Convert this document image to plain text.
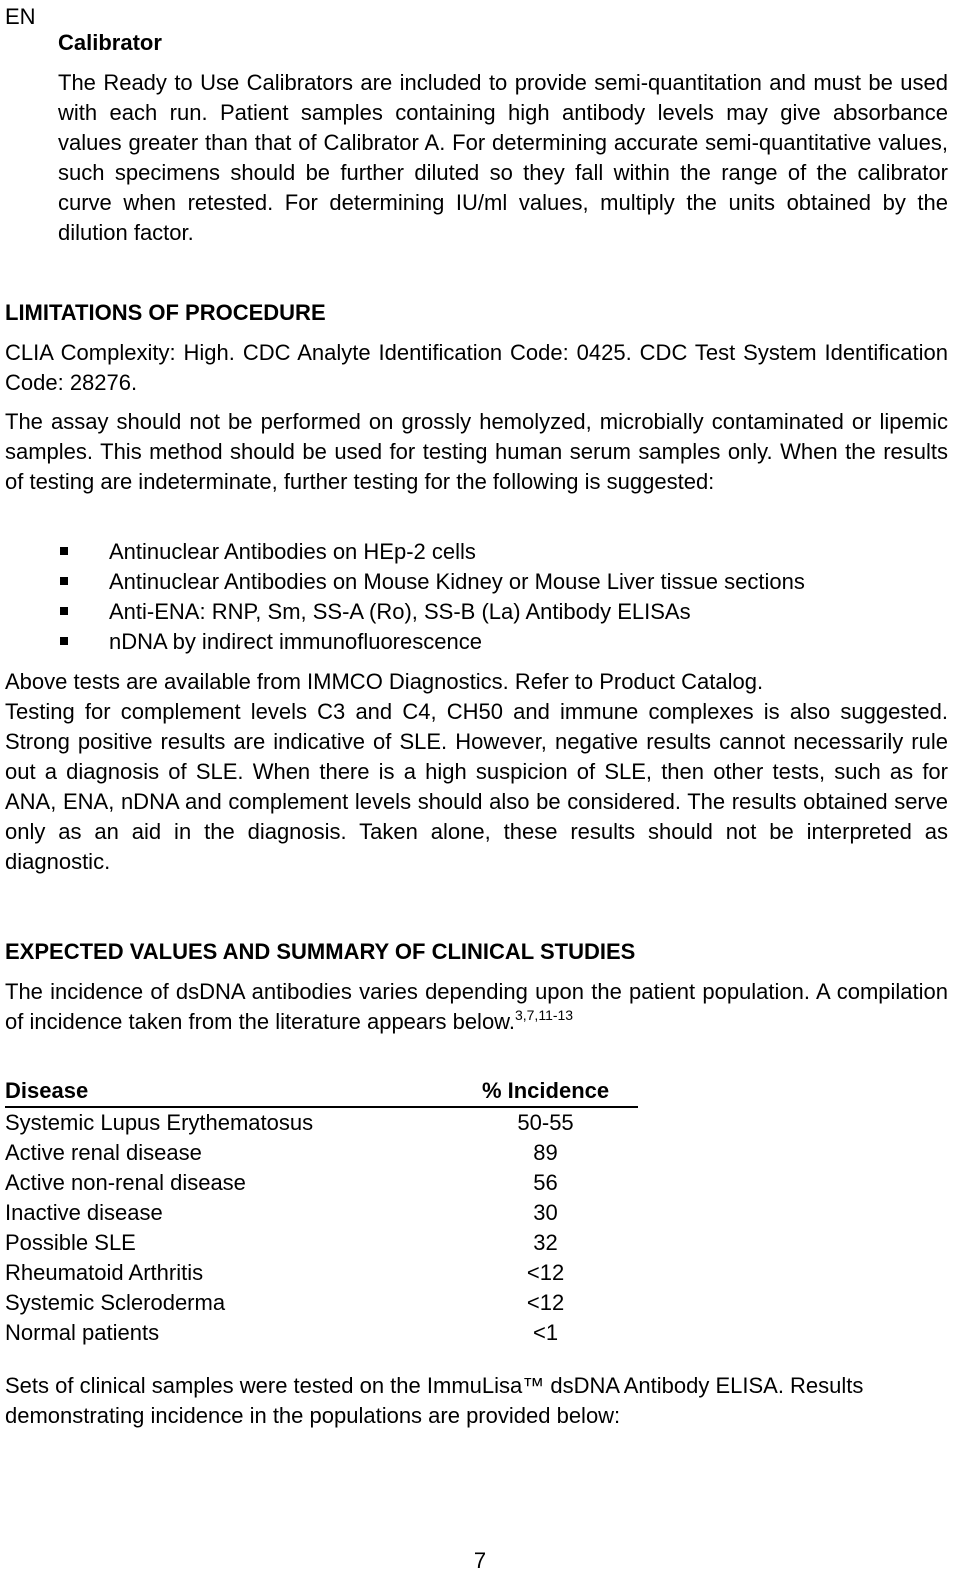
EN
Calibrator
The Ready to Use Calibrators are included to provide semi-quantitation and must be used with each run. Patient samples containing high antibody levels may give absorbance values greater than that of Calibrator A. For determining accurate semi-quantitative values, such specimens should be further diluted so they fall within the range of the calibrator curve when retested. For determining IU/ml values, multiply the units obtained by the dilution factor.
LIMITATIONS OF PROCEDURE
CLIA Complexity: High. CDC Analyte Identification Code: 0425. CDC Test System Identification Code: 28276.
The assay should not be performed on grossly hemolyzed, microbially contaminated or lipemic samples. This method should be used for testing human serum samples only. When the results of testing are indeterminate, further testing for the following is suggested:
Antinuclear Antibodies on HEp-2 cells
Antinuclear Antibodies on Mouse Kidney or Mouse Liver tissue sections
Anti-ENA: RNP, Sm, SS-A (Ro), SS-B (La) Antibody ELISAs
nDNA by indirect immunofluorescence
Above tests are available from IMMCO Diagnostics. Refer to Product Catalog.
Testing for complement levels C3 and C4, CH50 and immune complexes is also suggested. Strong positive results are indicative of SLE. However, negative results cannot necessarily rule out a diagnosis of SLE. When there is a high suspicion of SLE, then other tests, such as for ANA, ENA, nDNA and complement levels should also be considered. The results obtained serve only as an aid in the diagnosis. Taken alone, these results should not be interpreted as diagnostic.
EXPECTED VALUES AND SUMMARY OF CLINICAL STUDIES
The incidence of dsDNA antibodies varies depending upon the patient population. A compilation of incidence taken from the literature appears below.$^{3,7,11-13}$
Disease	% Incidence
Systemic Lupus Erythematosus	50-55
Active renal disease	89
Active non-renal disease	56
Inactive disease	30
Possible SLE	32
Rheumatoid Arthritis	<12
Systemic Scleroderma	<12
Normal patients	<1
Sets of clinical samples were tested on the ImmuLisa™ dsDNA Antibody ELISA. Results demonstrating incidence in the populations are provided below:
7
